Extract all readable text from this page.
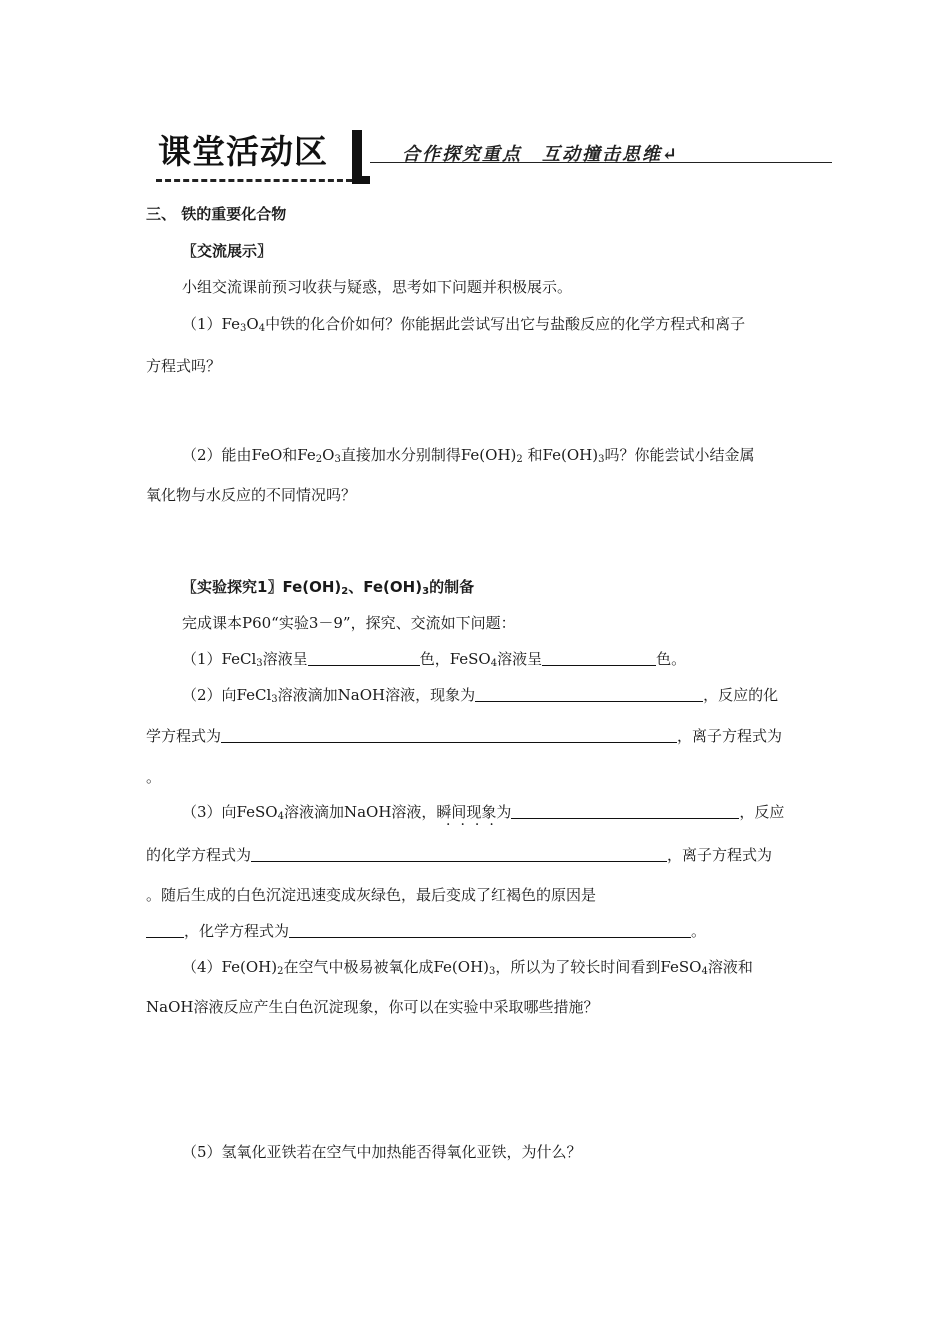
课堂活动区	合作探究重点　互动撞击思维↵
三、 铁的重要化合物
〖交流展示〗
小组交流课前预习收获与疑惑，思考如下问题并积极展示。
$(1)Fe_3O_4$中铁的化合价如何？你能据此尝试写出它与盐酸反应的化学方程式和离子
方程式吗？
（2）能由FeO和$Fe_2O_3$直接加水分别制得$Fe(OH)_2$ 和$Fe(OH)_3$吗？你能尝试小结金属
氧化物与水反应的不同情况吗？
〖实验探究1〗$Fe(OH)_2$、$Fe(OH)_3$的制备
完成课本P60“实验3－9”，探究、交流如下问题：
（1）FeCl$_3$溶液呈	色，FeSO$_4$溶液呈	色。
（2）向FeCl$_3$溶液滴加NaOH溶液，现象为	，反应的化
学方程式为	，离子方程式为
。
（3）向FeSO$_4$溶液滴加NaOH溶液，瞬间现象为	，反应
····
的化学方程式为	，离子方程式为
。随后生成的白色沉淀迅速变成灰绿色，最后变成了红褐色的原因是
，化学方程式为	。
$(4)Fe(OH)_2$在空气中极易被氧化成$Fe(OH)_3$，所以为了较长时间看到FeSO$_4$溶液和
NaOH溶液反应产生白色沉淀现象，你可以在实验中采取哪些措施？
（5）氢氧化亚铁若在空气中加热能否得氧化亚铁，为什么？
